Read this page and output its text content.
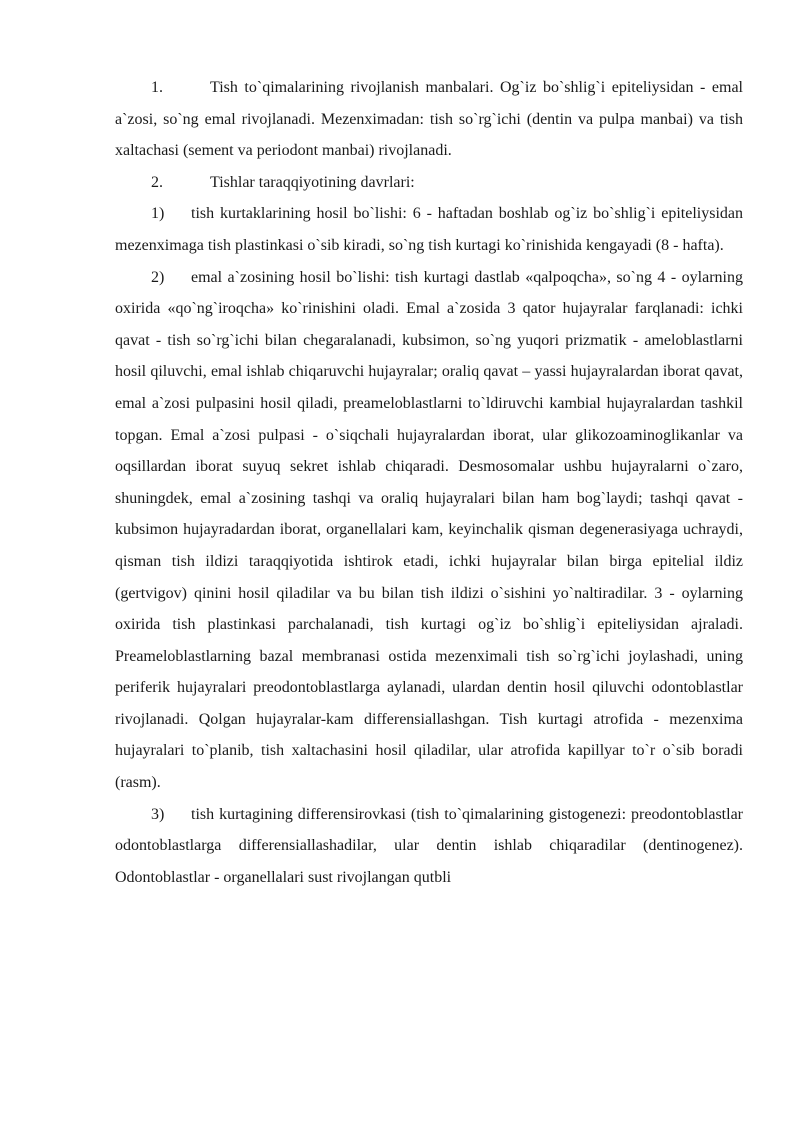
1.	Tish to`qimalarining rivojlanish manbalari. Og`iz bo`shlig`i epiteliysidan - emal a`zosi, so`ng emal rivojlanadi. Mezenximadan: tish so`rg`ichi (dentin va pulpa manbai) va tish xaltachasi (sement va periodont manbai) rivojlanadi.

2.	Tishlar taraqqiyotining davrlari:

1) tish kurtaklarining hosil bo`lishi: 6 - haftadan boshlab og`iz bo`shlig`i epiteliysidan mezenximaga tish plastinkasi o`sib kiradi, so`ng tish kurtagi ko`rinishida kengayadi (8 - hafta).

2) emal a`zosining hosil bo`lishi: tish kurtagi dastlab «qalpoqcha», so`ng 4 - oylarning oxirida «qo`ng`iroqcha» ko`rinishini oladi. Emal a`zosida 3 qator hujayralar farqlanadi: ichki qavat - tish so`rg`ichi bilan chegaralanadi, kubsimon, so`ng yuqori prizmatik - ameloblastlarni hosil qiluvchi, emal ishlab chiqaruvchi hujayralar; oraliq qavat – yassi hujayralardan iborat qavat, emal a`zosi pulpasini hosil qiladi, preameloblastlarni to`ldiruvchi kambial hujayralardan tashkil topgan. Emal a`zosi pulpasi - o`siqchali hujayralardan iborat, ular glikozoaminoglikanlar va oqsillardan iborat suyuq sekret ishlab chiqaradi. Desmosomalar ushbu hujayralarni o`zaro, shuningdek, emal a`zosining tashqi va oraliq hujayralari bilan ham bog`laydi; tashqi qavat - kubsimon hujayradardan iborat, organellalari kam, keyinchalik qisman degenerasiyaga uchraydi, qisman tish ildizi taraqqiyotida ishtirok etadi, ichki hujayralar bilan birga epitelial ildiz (gertvigov) qinini hosil qiladilar va bu bilan tish ildizi o`sishini yo`naltiradilar. 3 - oylarning oxirida tish plastinkasi parchalanadi, tish kurtagi og`iz bo`shlig`i epiteliysidan ajraladi. Preameloblastlarning bazal membranasi ostida mezenximali tish so`rg`ichi joylashadi, uning periferik hujayralari preodontoblastlarga aylanadi, ulardan dentin hosil qiluvchi odontoblastlar rivojlanadi. Qolgan hujayralar-kam differensiallashgan. Tish kurtagi atrofida - mezenxima hujayralari to`planib, tish xaltachasini hosil qiladilar, ular atrofida kapillyar to`r o`sib boradi (rasm).

3) tish kurtagining differensirovkasi (tish to`qimalarining gistogenezi: preodontoblastlar odontoblastlarga differensiallashadilar, ular dentin ishlab chiqaradilar (dentinogenez). Odontoblastlar - organellalari sust rivojlangan qutbli
